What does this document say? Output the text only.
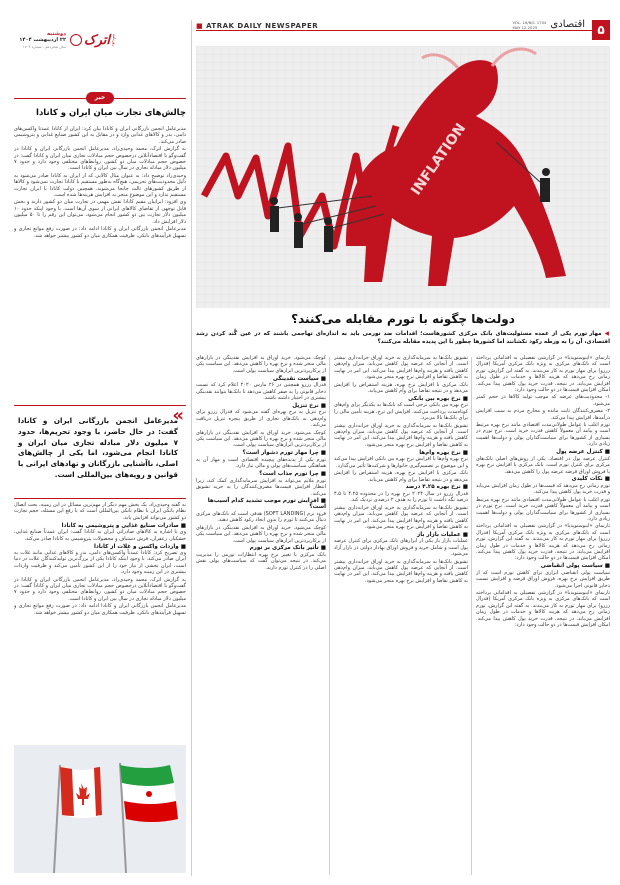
دوشنبه
۲۲ اردیبهشت ۱۴۰۴
سال شانزدهم - شماره ۱۷۰۴ اترک روزنامه
خبر
چالش‌های تجارت میان ایران و کانادا

مدیرعامل انجمن بازرگانی ایران و کانادا بیان کرد: ایران از کانادا عمدتاً واکسن‌های دامی، بذر و کالاهای غذایی وارد و در مقابل به این کشور صنایع غذایی و پتروشیمی صادر می‌کند.

به گزارش اترک، محمد وحیدی‌راد، مدیرعامل انجمن بازرگانی ایران و کانادا در گفت‌وگو با اقتصادآنلاین درخصوص حجم مبادلات تجاری میان ایران و کانادا گفت: در خصوص حجم مبادلات میان دو کشور، روابط‌های مختلفی وجود دارد و حدود ۷ میلیون دلار مبادله تجاری در سال بین ایران و کانادا است.

وحیدی‌راد توضیح داد: به عنوان مثال کالایی که از ایران به کانادا صادر می‌شود به دلیل محدودیت‌های تحریمی، هیچ‌گاه به‌طور مستقیم با کانادا تجارت نمی‌شود و کالاها از طریق کشورهای ثالث جابجا می‌شوند. همچنین دولت کانادا با ایران تجارت مستقیم ندارد و این موضوع منجر به افزایش هزینه‌ها شده است.

وی افزود: ایرانیان مقیم کانادا نقش مهمی در تجارت میان دو کشور دارند و بخش قابل توجهی از تقاضای کالاهای ایرانی از سوی آن‌ها است. با وجود اینکه حدود ۱۰ میلیون دلار تجارت بین دو کشور انجام می‌شود، می‌توان این رقم را تا ۵۰ میلیون دلار افزایش داد.

مدیرعامل انجمن بازرگانی ایران و کانادا ادامه داد: در صورت رفع موانع تجاری و تسهیل فرآیندهای بانکی، ظرفیت همکاری میان دو کشور بیشتر خواهد شد.

«
مدیرعامل انجمن بازرگانی ایران و کانادا گفت: در حال حاضر، با وجود تحریم‌ها، حدود ۷ میلیون دلار مبادله تجاری میان ایران و کانادا انجام می‌شود، اما یکی از چالش‌های اصلی، ناآشنایی بازرگانان و نهادهای ایرانی با قوانین و رویه‌های بین‌المللی است.

به گفته وحیدی‌راد، یک بخش مهم دیگر از مهم‌ترین مسائل در این زمینه، بحث اتصال نظام بانکی ایران با نظام بانکی بین‌المللی است که با رفع این مسئله، حجم تجارت دو کشور می‌تواند افزایش یابد.

■ صادرات صنایع غذایی و پتروشیمی به کانادا

وی با اشاره به کالاهای صادراتی ایران به کانادا گفت: ایران عمدتاً صنایع غذایی، خشکبار، زعفران، فرش دستباف و محصولات پتروشیمی به کانادا صادر می‌کند.

■ واردات واکسن و غلات از کانادا

وی تصریح کرد: کانادا عمدتاً واکسن‌های دامی، بذر و کالاهای غذایی مانند غلات به ایران صادر می‌کند. با وجود اینکه کانادا یکی از بزرگ‌ترین تولیدکنندگان غلات در دنیا است، ایران بخشی از نیاز خود را از این کشور تأمین می‌کند و ظرفیت واردات بیشتری در این زمینه وجود دارد.

به گزارش اترک، محمد وحیدی‌راد، مدیرعامل انجمن بازرگانی ایران و کانادا در گفت‌وگو با اقتصادآنلاین درخصوص حجم مبادلات تجاری میان ایران و کانادا گفت: در خصوص حجم مبادلات میان دو کشور، روابط‌های مختلفی وجود دارد و حدود ۷ میلیون دلار مبادله تجاری در سال بین ایران و کانادا است.

مدیرعامل انجمن بازرگانی ایران و کانادا ادامه داد: در صورت رفع موانع تجاری و تسهیل فرآیندهای بانکی، ظرفیت همکاری میان دو کشور بیشتر خواهد شد.

■ ATRAK DAILY NEWSPAPER	VOL. 16/NO. 1704
MAY 12.2025	اقتصادی	۵
INFLATION
دولت‌ها چگونه با تورم مقابله می‌کنند؟
◀ مهار تورم یکی از عمده مسئولیت‌های بانک مرکزی کشورهاست؛ اقدامات ضد تورمی باید به اندازه‌ای تهاجمی باشند که در عین گُند کردن رشد اقتصادی، آن را به ورطه رکود نکشانند اما کشورها چطور با این پدیده مقابله می‌کنند؟

تارنمای «اینوستوپدیا» در گزارشی تفصیلی به اقداماتی پرداخته است که بانک‌های مرکزی به ویژه بانک مرکزی آمریکا (فدرال رزرو) برای مهار تورم به کار می‌بندند. به گفته این گزارش، تورم زمانی رخ می‌دهد که هزینه کالاها و خدمات در طول زمان افزایش می‌یابد. در نتیجه، قدرت خرید پول کاهش پیدا می‌کند. امکان افزایش قیمت‌ها در دو حالت وجود دارد:

۱- محدودیت‌های عرضه که موجب تولید کالاها در حجم کمتر می‌شود.

۲- مصرف‌کنندگان ثابت مانده و مخارج مردم به سبب افزایش درآمدها، افزایش پیدا می‌کند.

تورم اغلب با عوامل طولانی‌مدت اقتصادی مانند نرخ بهره مرتبط است و پیامد آن معمولاً کاهش قدرت خرید است. نرخ تورم در بسیاری از کشورها برای سیاست‌گذاران پولی و دولت‌ها اهمیت زیادی دارد.

■ کنترل عرضه پول

کنترل عرضه پول در اقتصاد، یکی از روش‌های اصلی بانک‌های مرکزی برای کنترل تورم است. بانک مرکزی با افزایش نرخ بهره یا فروش اوراق قرضه عرضه پول را کاهش می‌دهد.

■ نکات کلیدی

تورم زمانی رخ می‌دهد که قیمت‌ها در طول زمان افزایش می‌یابد و قدرت خرید پول کاهش پیدا می‌کند.

تورم اغلب با عوامل طولانی‌مدت اقتصادی مانند نرخ بهره مرتبط است و پیامد آن معمولاً کاهش قدرت خرید است. نرخ تورم در بسیاری از کشورها برای سیاست‌گذاران پولی و دولت‌ها اهمیت زیادی دارد.

تارنمای «اینوستوپدیا» در گزارشی تفصیلی به اقداماتی پرداخته است که بانک‌های مرکزی به ویژه بانک مرکزی آمریکا (فدرال رزرو) برای مهار تورم به کار می‌بندند. به گفته این گزارش، تورم زمانی رخ می‌دهد که هزینه کالاها و خدمات در طول زمان افزایش می‌یابد. در نتیجه، قدرت خرید پول کاهش پیدا می‌کند. امکان افزایش قیمت‌ها در دو حالت وجود دارد:

■ سیاست پولی انقباضی

سیاست پولی انقباضی ابزاری برای کاهش تورم است که از طریق افزایش نرخ بهره، فروش اوراق قرضه و افزایش نسبت ذخایر قانونی اجرا می‌شود.

تارنمای «اینوستوپدیا» در گزارشی تفصیلی به اقداماتی پرداخته است که بانک‌های مرکزی به ویژه بانک مرکزی آمریکا (فدرال رزرو) برای مهار تورم به کار می‌بندند. به گفته این گزارش، تورم زمانی رخ می‌دهد که هزینه کالاها و خدمات در طول زمان افزایش می‌یابد. در نتیجه، قدرت خرید پول کاهش پیدا می‌کند. امکان افزایش قیمت‌ها در دو حالت وجود دارد:

تشویق بانک‌ها به سرمایه‌گذاری به خرید اوراق خزانه‌داری بیشتر است. از آنجایی که عرضه پول کاهش می‌یابد، میزان وام‌دهی کاهش یافته و هزینه وام‌ها افزایش پیدا می‌کند. این امر در نهایت به کاهش تقاضا و افزایش نرخ بهره منجر می‌شود.

بانک مرکزی با افزایش نرخ بهره، هزینه استقراض را افزایش می‌دهد و در نتیجه تقاضا برای وام کاهش می‌یابد.

■ نرخ بهره بین بانکی

نرخ بهره بین بانکی نرخی است که بانک‌ها به یکدیگر برای وام‌های کوتاه‌مدت پرداخت می‌کنند. افزایش این نرخ، هزینه تأمین مالی را برای بانک‌ها بالا می‌برد.

تشویق بانک‌ها به سرمایه‌گذاری به خرید اوراق خزانه‌داری بیشتر است. از آنجایی که عرضه پول کاهش می‌یابد، میزان وام‌دهی کاهش یافته و هزینه وام‌ها افزایش پیدا می‌کند. این امر در نهایت به کاهش تقاضا و افزایش نرخ بهره منجر می‌شود.

■ نرخ بهره وام‌ها

نرخ بهره وام‌ها با افزایش نرخ بهره بین بانکی افزایش پیدا می‌کند و این موضوع بر تصمیم‌گیری خانوارها و شرکت‌ها تأثیر می‌گذارد.

بانک مرکزی با افزایش نرخ بهره، هزینه استقراض را افزایش می‌دهد و در نتیجه تقاضا برای وام کاهش می‌یابد.

■ نرخ بهره ۴.۲۵ درصد

فدرال رزرو در سال ۲۰۲۴ نرخ بهره را در محدوده ۴.۲۵ تا ۴.۵ درصد نگه داشت تا تورم را به هدف ۲ درصدی نزدیک کند.

تشویق بانک‌ها به سرمایه‌گذاری به خرید اوراق خزانه‌داری بیشتر است. از آنجایی که عرضه پول کاهش می‌یابد، میزان وام‌دهی کاهش یافته و هزینه وام‌ها افزایش پیدا می‌کند. این امر در نهایت به کاهش تقاضا و افزایش نرخ بهره منجر می‌شود.

■ عملیات بازار باز

عملیات بازار باز یکی از ابزارهای بانک مرکزی برای کنترل عرضه پول است و شامل خرید و فروش اوراق بهادار دولتی در بازار آزاد می‌شود.

تشویق بانک‌ها به سرمایه‌گذاری به خرید اوراق خزانه‌داری بیشتر است. از آنجایی که عرضه پول کاهش می‌یابد، میزان وام‌دهی کاهش یافته و هزینه وام‌ها افزایش پیدا می‌کند. این امر در نهایت به کاهش تقاضا و افزایش نرخ بهره منجر می‌شود.

کوچک می‌شود. خرید اوراق به افزایش نقدینگی در بازارهای مالی منجر شده و نرخ بهره را کاهش می‌دهد. این سیاست یکی از پرکاربردترین ابزارهای سیاست پولی است.

■ سیاست نقدینگی

فدرال رزرو همچنین در ۲۶ مارس ۲۰۲۰ اعلام کرد که نسبت ذخایر قانونی را به صفر کاهش می‌دهد تا بانک‌ها بتوانند نقدینگی بیشتری در اختیار داشته باشند.

■ نرخ تنزیل

نرخ تنزیل به نرخ بهره‌ای گفته می‌شود که فدرال رزرو برای وام‌دهی به بانک‌های تجاری از طریق پنجره تنزیل دریافت می‌کند.

کوچک می‌شود. خرید اوراق به افزایش نقدینگی در بازارهای مالی منجر شده و نرخ بهره را کاهش می‌دهد. این سیاست یکی از پرکاربردترین ابزارهای سیاست پولی است.

■ چرا مهار تورم دشوار است؟

تورم یکی از پدیده‌های پیچیده اقتصادی است و مهار آن به هماهنگی سیاست‌های پولی و مالی نیاز دارد.

■ چرا تورم جذاب است؟

تورم ملایم می‌تواند به افزایش سرمایه‌گذاری کمک کند، زیرا انتظار افزایش قیمت‌ها مصرف‌کنندگان را به خرید تشویق می‌کند.

■ افزایش تورم موجب تشدید کدام آسیب‌ها است؟

فرود نرم (SOFT LANDING) هدفی است که بانک‌های مرکزی دنبال می‌کنند تا تورم را بدون ایجاد رکود کاهش دهند.

کوچک می‌شود. خرید اوراق به افزایش نقدینگی در بازارهای مالی منجر شده و نرخ بهره را کاهش می‌دهد. این سیاست یکی از پرکاربردترین ابزارهای سیاست پولی است.

■ تأثیر بانک مرکزی بر تورم

بانک مرکزی با تغییر نرخ بهره انتظارات تورمی را مدیریت می‌کند. در نتیجه می‌توان گفت که سیاست‌های پولی نقش اصلی را در کنترل تورم دارند.
